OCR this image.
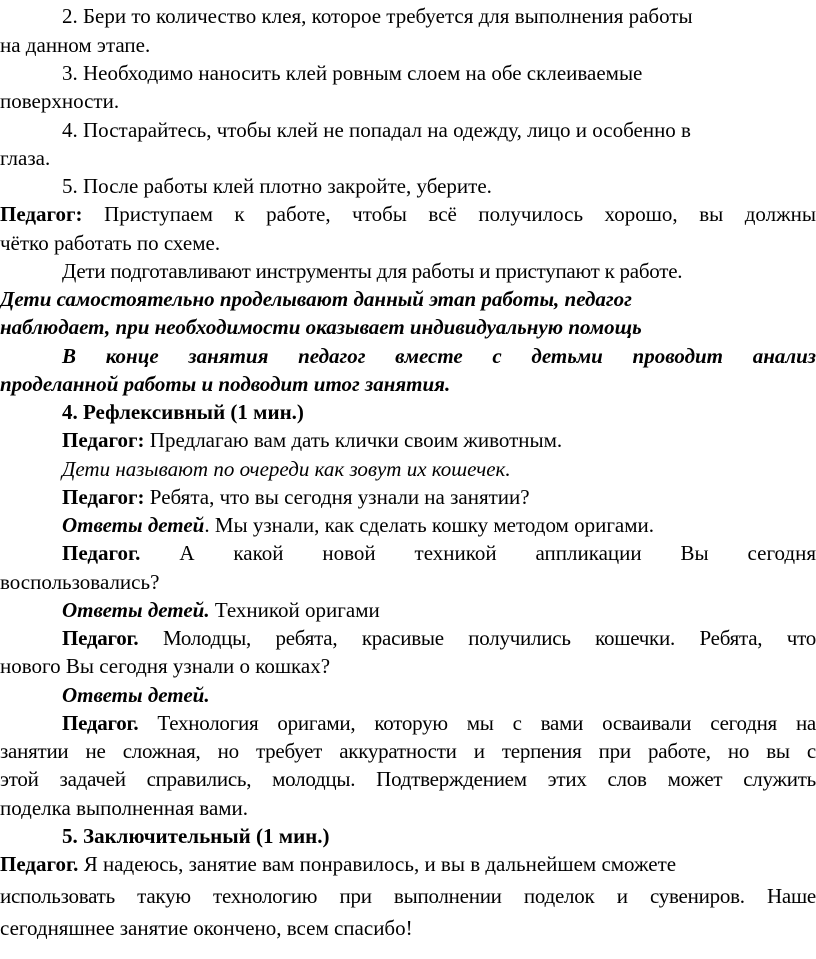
2. Бери то количество клея, которое требуется для выполнения работы
на данном этапе.
3. Необходимо наносить клей ровным слоем на обе склеиваемые
поверхности.
4. Постарайтесь, чтобы клей не попадал на одежду, лицо и особенно в
глаза.
5. После работы клей плотно закройте, уберите.
Педагог: Приступаем к работе, чтобы всё получилось хорошо, вы должны
чётко работать по схеме.
Дети подготавливают инструменты для работы и приступают к работе.
Дети самостоятельно проделывают данный этап работы, педагог
наблюдает, при необходимости оказывает индивидуальную помощь
В конце занятия педагог вместе с детьми проводит анализ
проделанной работы и подводит итог занятия.
4. Рефлексивный (1 мин.)
Педагог: Предлагаю вам дать клички своим животным.
Дети называют по очереди как зовут их кошечек.
Педагог: Ребята, что вы сегодня узнали на занятии?
Ответы детей. Мы узнали, как сделать кошку методом оригами.
Педагог. А какой новой техникой аппликации Вы сегодня
воспользовались?
Ответы детей. Техникой оригами
Педагог. Молодцы, ребята, красивые получились кошечки. Ребята, что
нового Вы сегодня узнали о кошках?
Ответы детей.
Педагог. Технология оригами, которую мы с вами осваивали сегодня на
занятии не сложная, но требует аккуратности и терпения при работе, но вы с
этой задачей справились, молодцы. Подтверждением этих слов может служить
поделка выполненная вами.
5. Заключительный (1 мин.)
Педагог. Я надеюсь, занятие вам понравилось, и вы в дальнейшем сможете
использовать такую технологию при выполнении поделок и сувениров. Наше
сегодняшнее занятие окончено, всем спасибо!
